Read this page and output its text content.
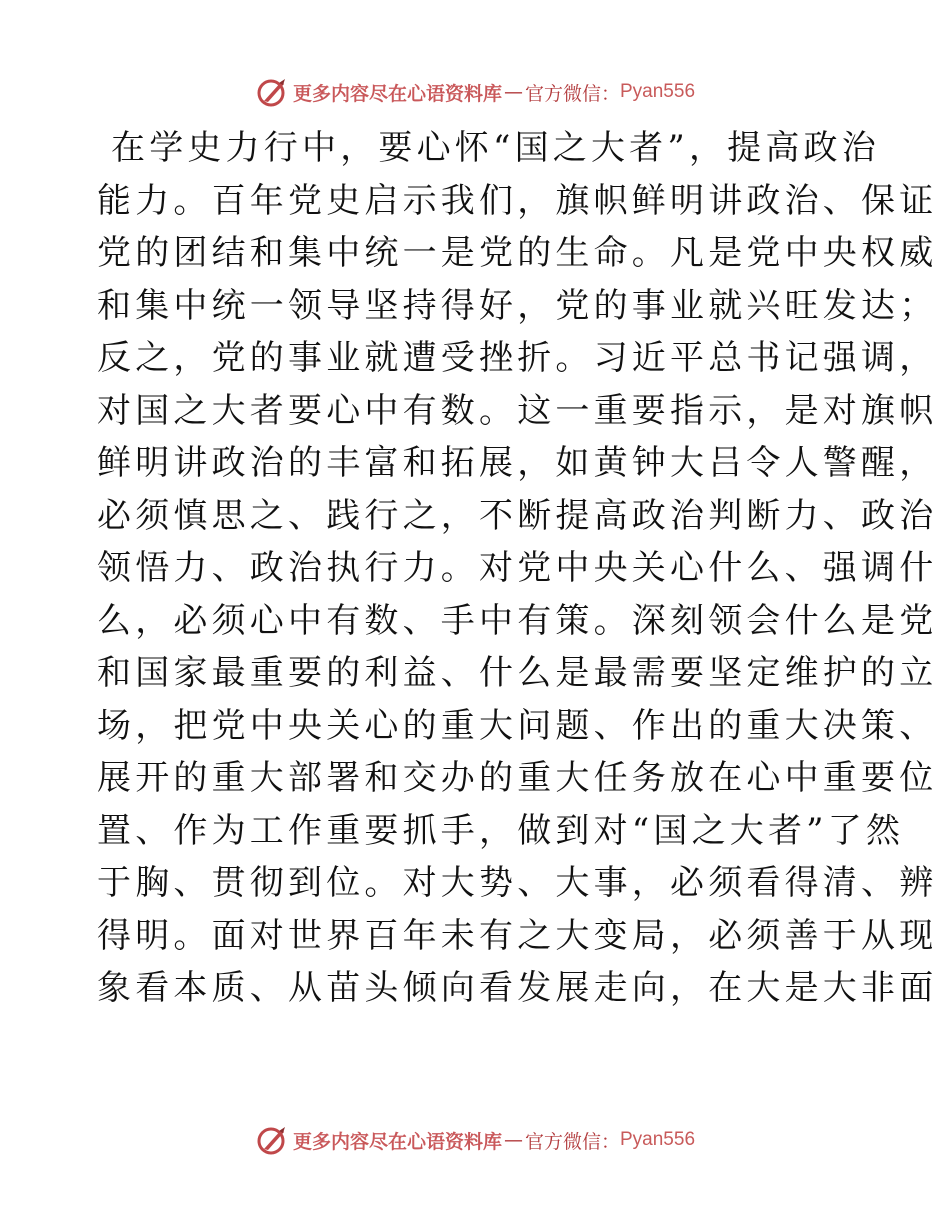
更多内容尽在心语资料库 — 官方微信： Pyan556
在学史力行中，要心怀“国之大者”，提高政治
能力。百年党史启示我们，旗帜鲜明讲政治、保证
党的团结和集中统一是党的生命。凡是党中央权威
和集中统一领导坚持得好，党的事业就兴旺发达；
反之，党的事业就遭受挫折。习近平总书记强调，
对国之大者要心中有数。这一重要指示，是对旗帜
鲜明讲政治的丰富和拓展，如黄钟大吕令人警醒，
必须慎思之、践行之，不断提高政治判断力、政治
领悟力、政治执行力。对党中央关心什么、强调什
么，必须心中有数、手中有策。深刻领会什么是党
和国家最重要的利益、什么是最需要坚定维护的立
场，把党中央关心的重大问题、作出的重大决策、
展开的重大部署和交办的重大任务放在心中重要位
置、作为工作重要抓手，做到对“国之大者”了然
于胸、贯彻到位。对大势、大事，必须看得清、辨
得明。面对世界百年未有之大变局，必须善于从现
象看本质、从苗头倾向看发展走向，在大是大非面
更多内容尽在心语资料库 — 官方微信： Pyan556
